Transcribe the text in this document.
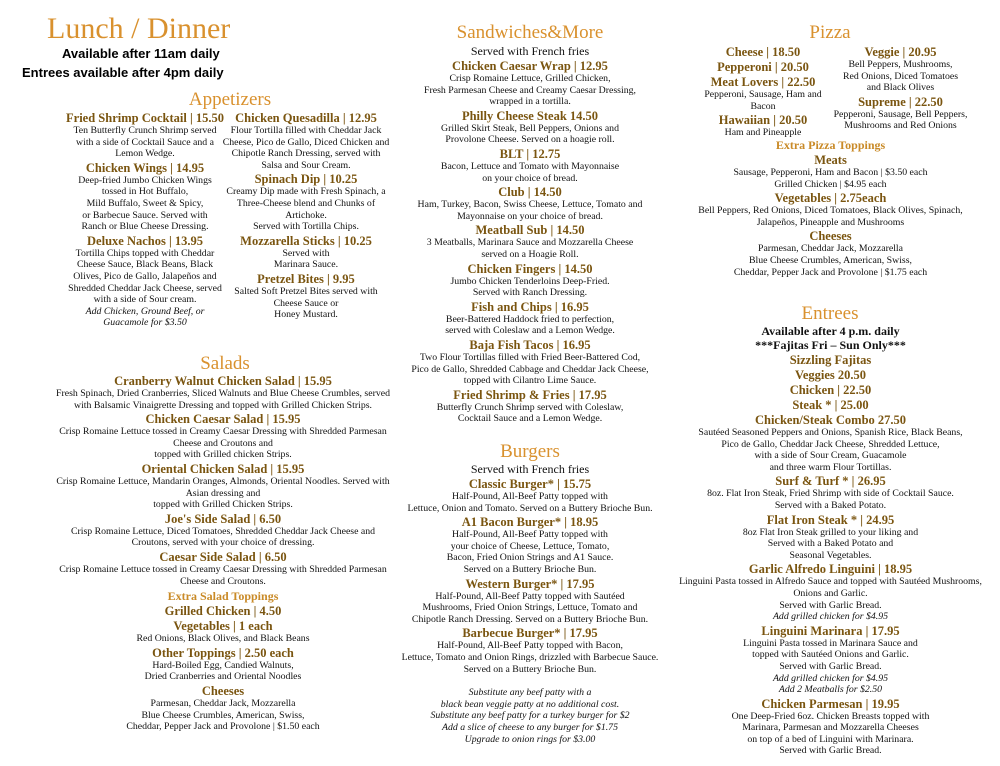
Lunch / Dinner
Available after 11am daily
Entrees available after 4pm daily
Appetizers
Fried Shrimp Cocktail | 15.50
Ten Butterfly Crunch Shrimp served
with a side of Cocktail Sauce and a
Lemon Wedge.
Chicken Wings | 14.95
Deep-fried Jumbo Chicken Wings
tossed in Hot Buffalo,
Mild Buffalo, Sweet & Spicy,
or Barbecue Sauce. Served with
Ranch or Blue Cheese Dressing.
Deluxe Nachos | 13.95
Tortilla Chips topped with Cheddar
Cheese Sauce, Black Beans, Black
Olives, Pico de Gallo, Jalapeños and
Shredded Cheddar Jack Cheese, served
with a side of Sour cream.
Add Chicken, Ground Beef, or
Guacamole for $3.50
Chicken Quesadilla | 12.95
Flour Tortilla filled with Cheddar Jack
Cheese, Pico de Gallo, Diced Chicken and
Chipotle Ranch Dressing, served with
Salsa and Sour Cream.
Spinach Dip | 10.25
Creamy Dip made with Fresh Spinach, a
Three-Cheese blend and Chunks of
Artichoke.
Served with Tortilla Chips.
Mozzarella Sticks | 10.25
Served with
Marinara Sauce.
Pretzel Bites | 9.95
Salted Soft Pretzel Bites served with
Cheese Sauce or
Honey Mustard.
Salads
Cranberry Walnut Chicken Salad | 15.95
Fresh Spinach, Dried Cranberries, Sliced Walnuts and Blue Cheese Crumbles, served
with Balsamic Vinaigrette Dressing and topped with Grilled Chicken Strips.
Chicken Caesar Salad | 15.95
Crisp Romaine Lettuce tossed in Creamy Caesar Dressing with Shredded Parmesan
Cheese and Croutons and
topped with Grilled chicken Strips.
Oriental Chicken Salad | 15.95
Crisp Romaine Lettuce, Mandarin Oranges, Almonds, Oriental Noodles. Served with
Asian dressing and
topped with Grilled Chicken Strips.
Joe's Side Salad | 6.50
Crisp Romaine Lettuce, Diced Tomatoes, Shredded Cheddar Jack Cheese and
Croutons, served with your choice of dressing.
Caesar Side Salad | 6.50
Crisp Romaine Lettuce tossed in Creamy Caesar Dressing with Shredded Parmesan
Cheese and Croutons.
Extra Salad Toppings
Grilled Chicken | 4.50
Vegetables | 1 each
Red Onions, Black Olives, and Black Beans
Other Toppings | 2.50 each
Hard-Boiled Egg, Candied Walnuts,
Dried Cranberries and Oriental Noodles
Cheeses
Parmesan, Cheddar Jack, Mozzarella
Blue Cheese Crumbles, American, Swiss,
Cheddar, Pepper Jack and Provolone | $1.50 each
Sandwiches&More
Served with French fries
Chicken Caesar Wrap | 12.95
Crisp Romaine Lettuce, Grilled Chicken,
Fresh Parmesan Cheese and Creamy Caesar Dressing,
wrapped in a tortilla.
Philly Cheese Steak 14.50
Grilled Skirt Steak, Bell Peppers, Onions and
Provolone Cheese. Served on a hoagie roll.
BLT | 12.75
Bacon, Lettuce and Tomato with Mayonnaise
on your choice of bread.
Club | 14.50
Ham, Turkey, Bacon, Swiss Cheese, Lettuce, Tomato and
Mayonnaise on your choice of bread.
Meatball Sub | 14.50
3 Meatballs, Marinara Sauce and Mozzarella Cheese
served on a Hoagie Roll.
Chicken Fingers | 14.50
Jumbo Chicken Tenderloins Deep-Fried.
Served with Ranch Dressing.
Fish and Chips | 16.95
Beer-Battered Haddock fried to perfection,
served with Coleslaw and a Lemon Wedge.
Baja Fish Tacos | 16.95
Two Flour Tortillas filled with Fried Beer-Battered Cod,
Pico de Gallo, Shredded Cabbage and Cheddar Jack Cheese,
topped with Cilantro Lime Sauce.
Fried Shrimp & Fries | 17.95
Butterfly Crunch Shrimp served with Coleslaw,
Cocktail Sauce and a Lemon Wedge.
Burgers
Served with French fries
Classic Burger* | 15.75
Half-Pound, All-Beef Patty topped with
Lettuce, Onion and Tomato. Served on a Buttery Brioche Bun.
A1 Bacon Burger* | 18.95
Half-Pound, All-Beef Patty topped with
your choice of Cheese, Lettuce, Tomato,
Bacon, Fried Onion Strings and A1 Sauce.
Served on a Buttery Brioche Bun.
Western Burger* | 17.95
Half-Pound, All-Beef Patty topped with Sautéed
Mushrooms, Fried Onion Strings, Lettuce, Tomato and
Chipotle Ranch Dressing. Served on a Buttery Brioche Bun.
Barbecue Burger* | 17.95
Half-Pound, All-Beef Patty topped with Bacon,
Lettuce, Tomato and Onion Rings, drizzled with Barbecue Sauce.
Served on a Buttery Brioche Bun.
Substitute any beef patty with a
black bean veggie patty at no additional cost.
Substitute any beef patty for a turkey burger for $2
Add a slice of cheese to any burger for $1.75
Upgrade to onion rings for $3.00
Pizza
Cheese | 18.50
Pepperoni | 20.50
Meat Lovers | 22.50
Pepperoni, Sausage, Ham and
Bacon
Hawaiian | 20.50
Ham and Pineapple
Veggie | 20.95
Bell Peppers, Mushrooms,
Red Onions, Diced Tomatoes
and Black Olives
Supreme | 22.50
Pepperoni, Sausage, Bell Peppers,
Mushrooms and Red Onions
Extra Pizza Toppings
Meats
Sausage, Pepperoni, Ham and Bacon | $3.50 each
Grilled Chicken | $4.95 each
Vegetables | 2.75each
Bell Peppers, Red Onions, Diced Tomatoes, Black Olives, Spinach,
Jalapeños, Pineapple and Mushrooms
Cheeses
Parmesan, Cheddar Jack, Mozzarella
Blue Cheese Crumbles, American, Swiss,
Cheddar, Pepper Jack and Provolone | $1.75 each
Entrees
Available after 4 p.m. daily
***Fajitas Fri – Sun Only***
Sizzling Fajitas
Veggies 20.50
Chicken | 22.50
Steak * | 25.00
Chicken/Steak Combo 27.50
Sautéed Seasoned Peppers and Onions, Spanish Rice, Black Beans,
Pico de Gallo, Cheddar Jack Cheese, Shredded Lettuce,
with a side of Sour Cream, Guacamole
and three warm Flour Tortillas.
Surf & Turf * | 26.95
8oz. Flat Iron Steak, Fried Shrimp with side of Cocktail Sauce.
Served with a Baked Potato.
Flat Iron Steak * | 24.95
8oz Flat Iron Steak grilled to your liking and
Served with a Baked Potato and
Seasonal Vegetables.
Garlic Alfredo Linguini | 18.95
Linguini Pasta tossed in Alfredo Sauce and topped with Sautéed Mushrooms,
Onions and Garlic.
Served with Garlic Bread.
Add grilled chicken for $4.95
Linguini Marinara | 17.95
Linguini Pasta tossed in Marinara Sauce and
topped with Sautéed Onions and Garlic.
Served with Garlic Bread.
Add grilled chicken for $4.95
Add 2 Meatballs for $2.50
Chicken Parmesan | 19.95
One Deep-Fried 6oz. Chicken Breasts topped with
Marinara, Parmesan and Mozzarella Cheeses
on top of a bed of Linguini with Marinara.
Served with Garlic Bread.
